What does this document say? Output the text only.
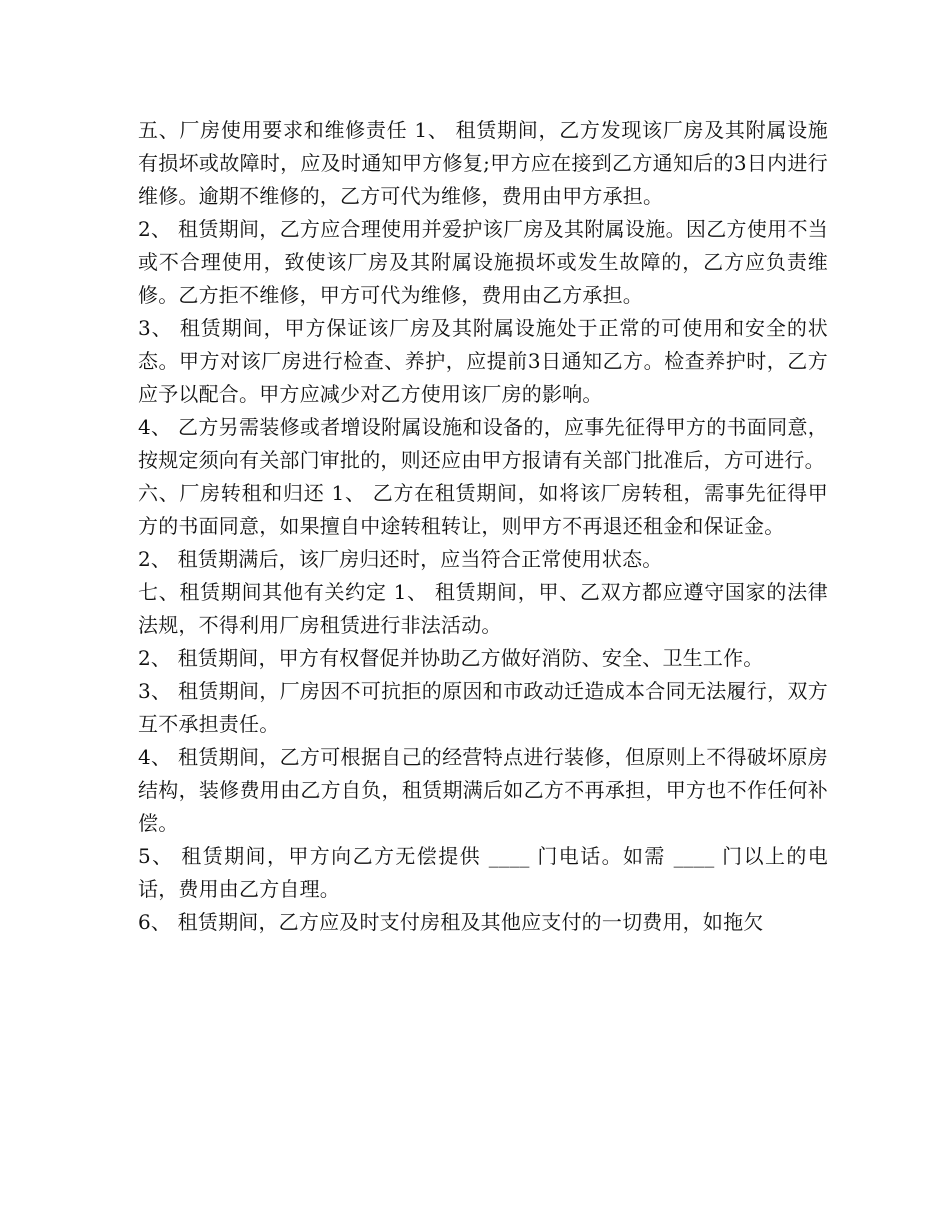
五、厂房使用要求和维修责任 1、 租赁期间，乙方发现该厂房及其附属设施有损坏或故障时，应及时通知甲方修复;甲方应在接到乙方通知后的3日内进行维修。逾期不维修的，乙方可代为维修，费用由甲方承担。

2、 租赁期间，乙方应合理使用并爱护该厂房及其附属设施。因乙方使用不当或不合理使用，致使该厂房及其附属设施损坏或发生故障的，乙方应负责维修。乙方拒不维修，甲方可代为维修，费用由乙方承担。

3、 租赁期间，甲方保证该厂房及其附属设施处于正常的可使用和安全的状态。甲方对该厂房进行检查、养护，应提前3日通知乙方。检查养护时，乙方应予以配合。甲方应减少对乙方使用该厂房的影响。

4、 乙方另需装修或者增设附属设施和设备的，应事先征得甲方的书面同意，按规定须向有关部门审批的，则还应由甲方报请有关部门批准后，方可进行。

六、厂房转租和归还 1、 乙方在租赁期间，如将该厂房转租，需事先征得甲方的书面同意，如果擅自中途转租转让，则甲方不再退还租金和保证金。

2、 租赁期满后，该厂房归还时，应当符合正常使用状态。

七、租赁期间其他有关约定 1、 租赁期间，甲、乙双方都应遵守国家的法律法规，不得利用厂房租赁进行非法活动。

2、 租赁期间，甲方有权督促并协助乙方做好消防、安全、卫生工作。

3、 租赁期间，厂房因不可抗拒的原因和市政动迁造成本合同无法履行，双方互不承担责任。

4、 租赁期间，乙方可根据自己的经营特点进行装修，但原则上不得破坏原房结构，装修费用由乙方自负，租赁期满后如乙方不再承担，甲方也不作任何补偿。

5、 租赁期间，甲方向乙方无偿提供 ____ 门电话。如需 ____ 门以上的电话，费用由乙方自理。

6、 租赁期间，乙方应及时支付房租及其他应支付的一切费用，如拖欠
